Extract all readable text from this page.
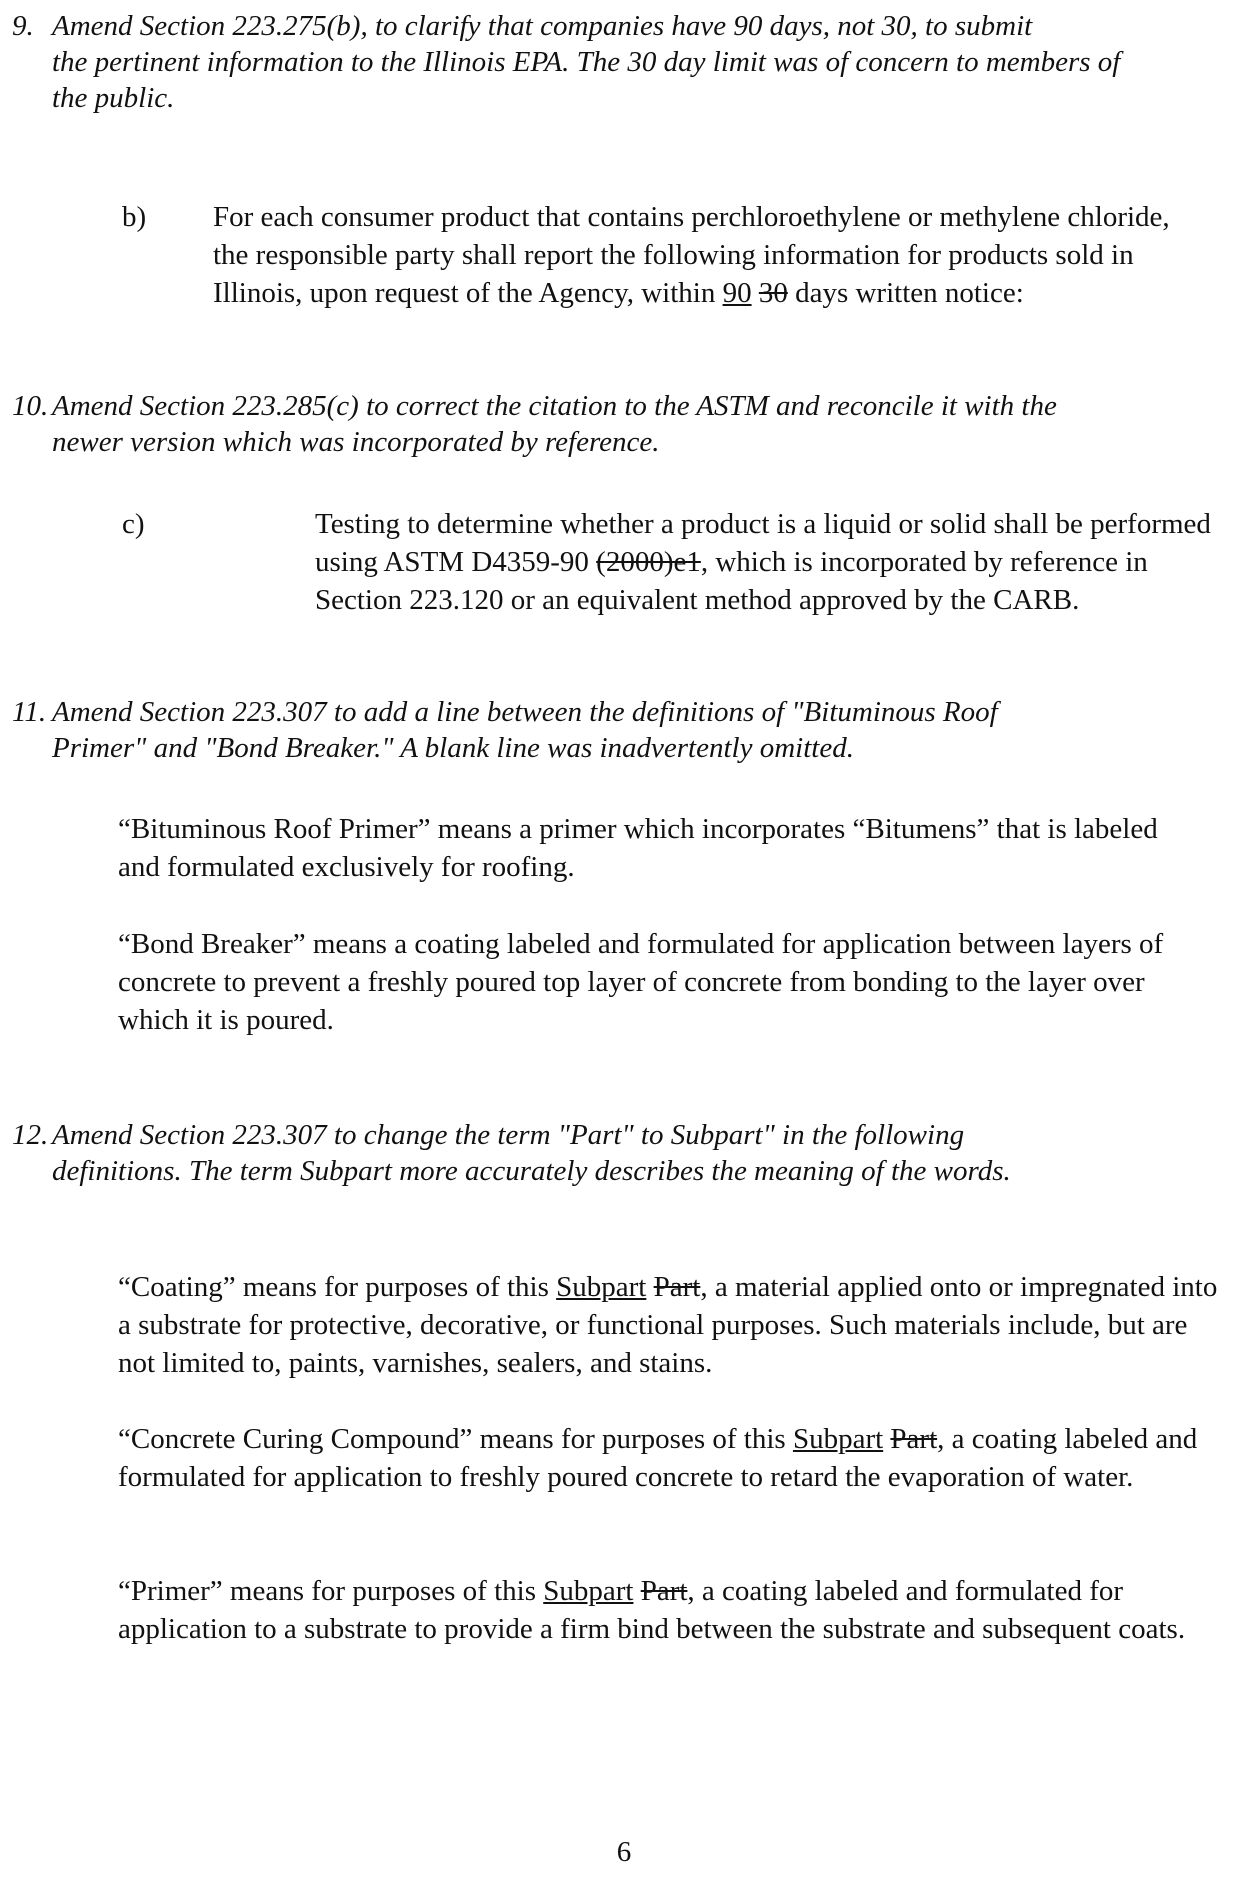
9. Amend Section 223.275(b), to clarify that companies have 90 days, not 30, to submit
the pertinent information to the Illinois EPA. The 30 day limit was of concern to members of the public.

b) For each consumer product that contains perchloroethylene or methylene chloride, the responsible party shall report the following information for products sold in Illinois, upon request of the Agency, within 90 30 days written notice:

10. Amend Section 223.285(c) to correct the citation to the ASTM and reconcile it with the
newer version which was incorporated by reference.

c)	Testing to determine whether a product is a liquid or solid shall be performed using ASTM D4359-90 (2000)e1, which is incorporated by reference in Section 223.120 or an equivalent method approved by the CARB.

11. Amend Section 223.307 to add a line between the definitions of "Bituminous Roof
Primer" and "Bond Breaker." A blank line was inadvertently omitted.

“Bituminous Roof Primer” means a primer which incorporates “Bitumens” that is labeled and formulated exclusively for roofing.

“Bond Breaker” means a coating labeled and formulated for application between layers of concrete to prevent a freshly poured top layer of concrete from bonding to the layer over which it is poured.

12. Amend Section 223.307 to change the term "Part" to Subpart" in the following
definitions. The term Subpart more accurately describes the meaning of the words.

“Coating” means for purposes of this Subpart Part, a material applied onto or impregnated into a substrate for protective, decorative, or functional purposes. Such materials include, but are not limited to, paints, varnishes, sealers, and stains.

“Concrete Curing Compound” means for purposes of this Subpart Part, a coating labeled and formulated for application to freshly poured concrete to retard the evaporation of water.

“Primer” means for purposes of this Subpart Part, a coating labeled and formulated for application to a substrate to provide a firm bind between the substrate and subsequent coats.

6
